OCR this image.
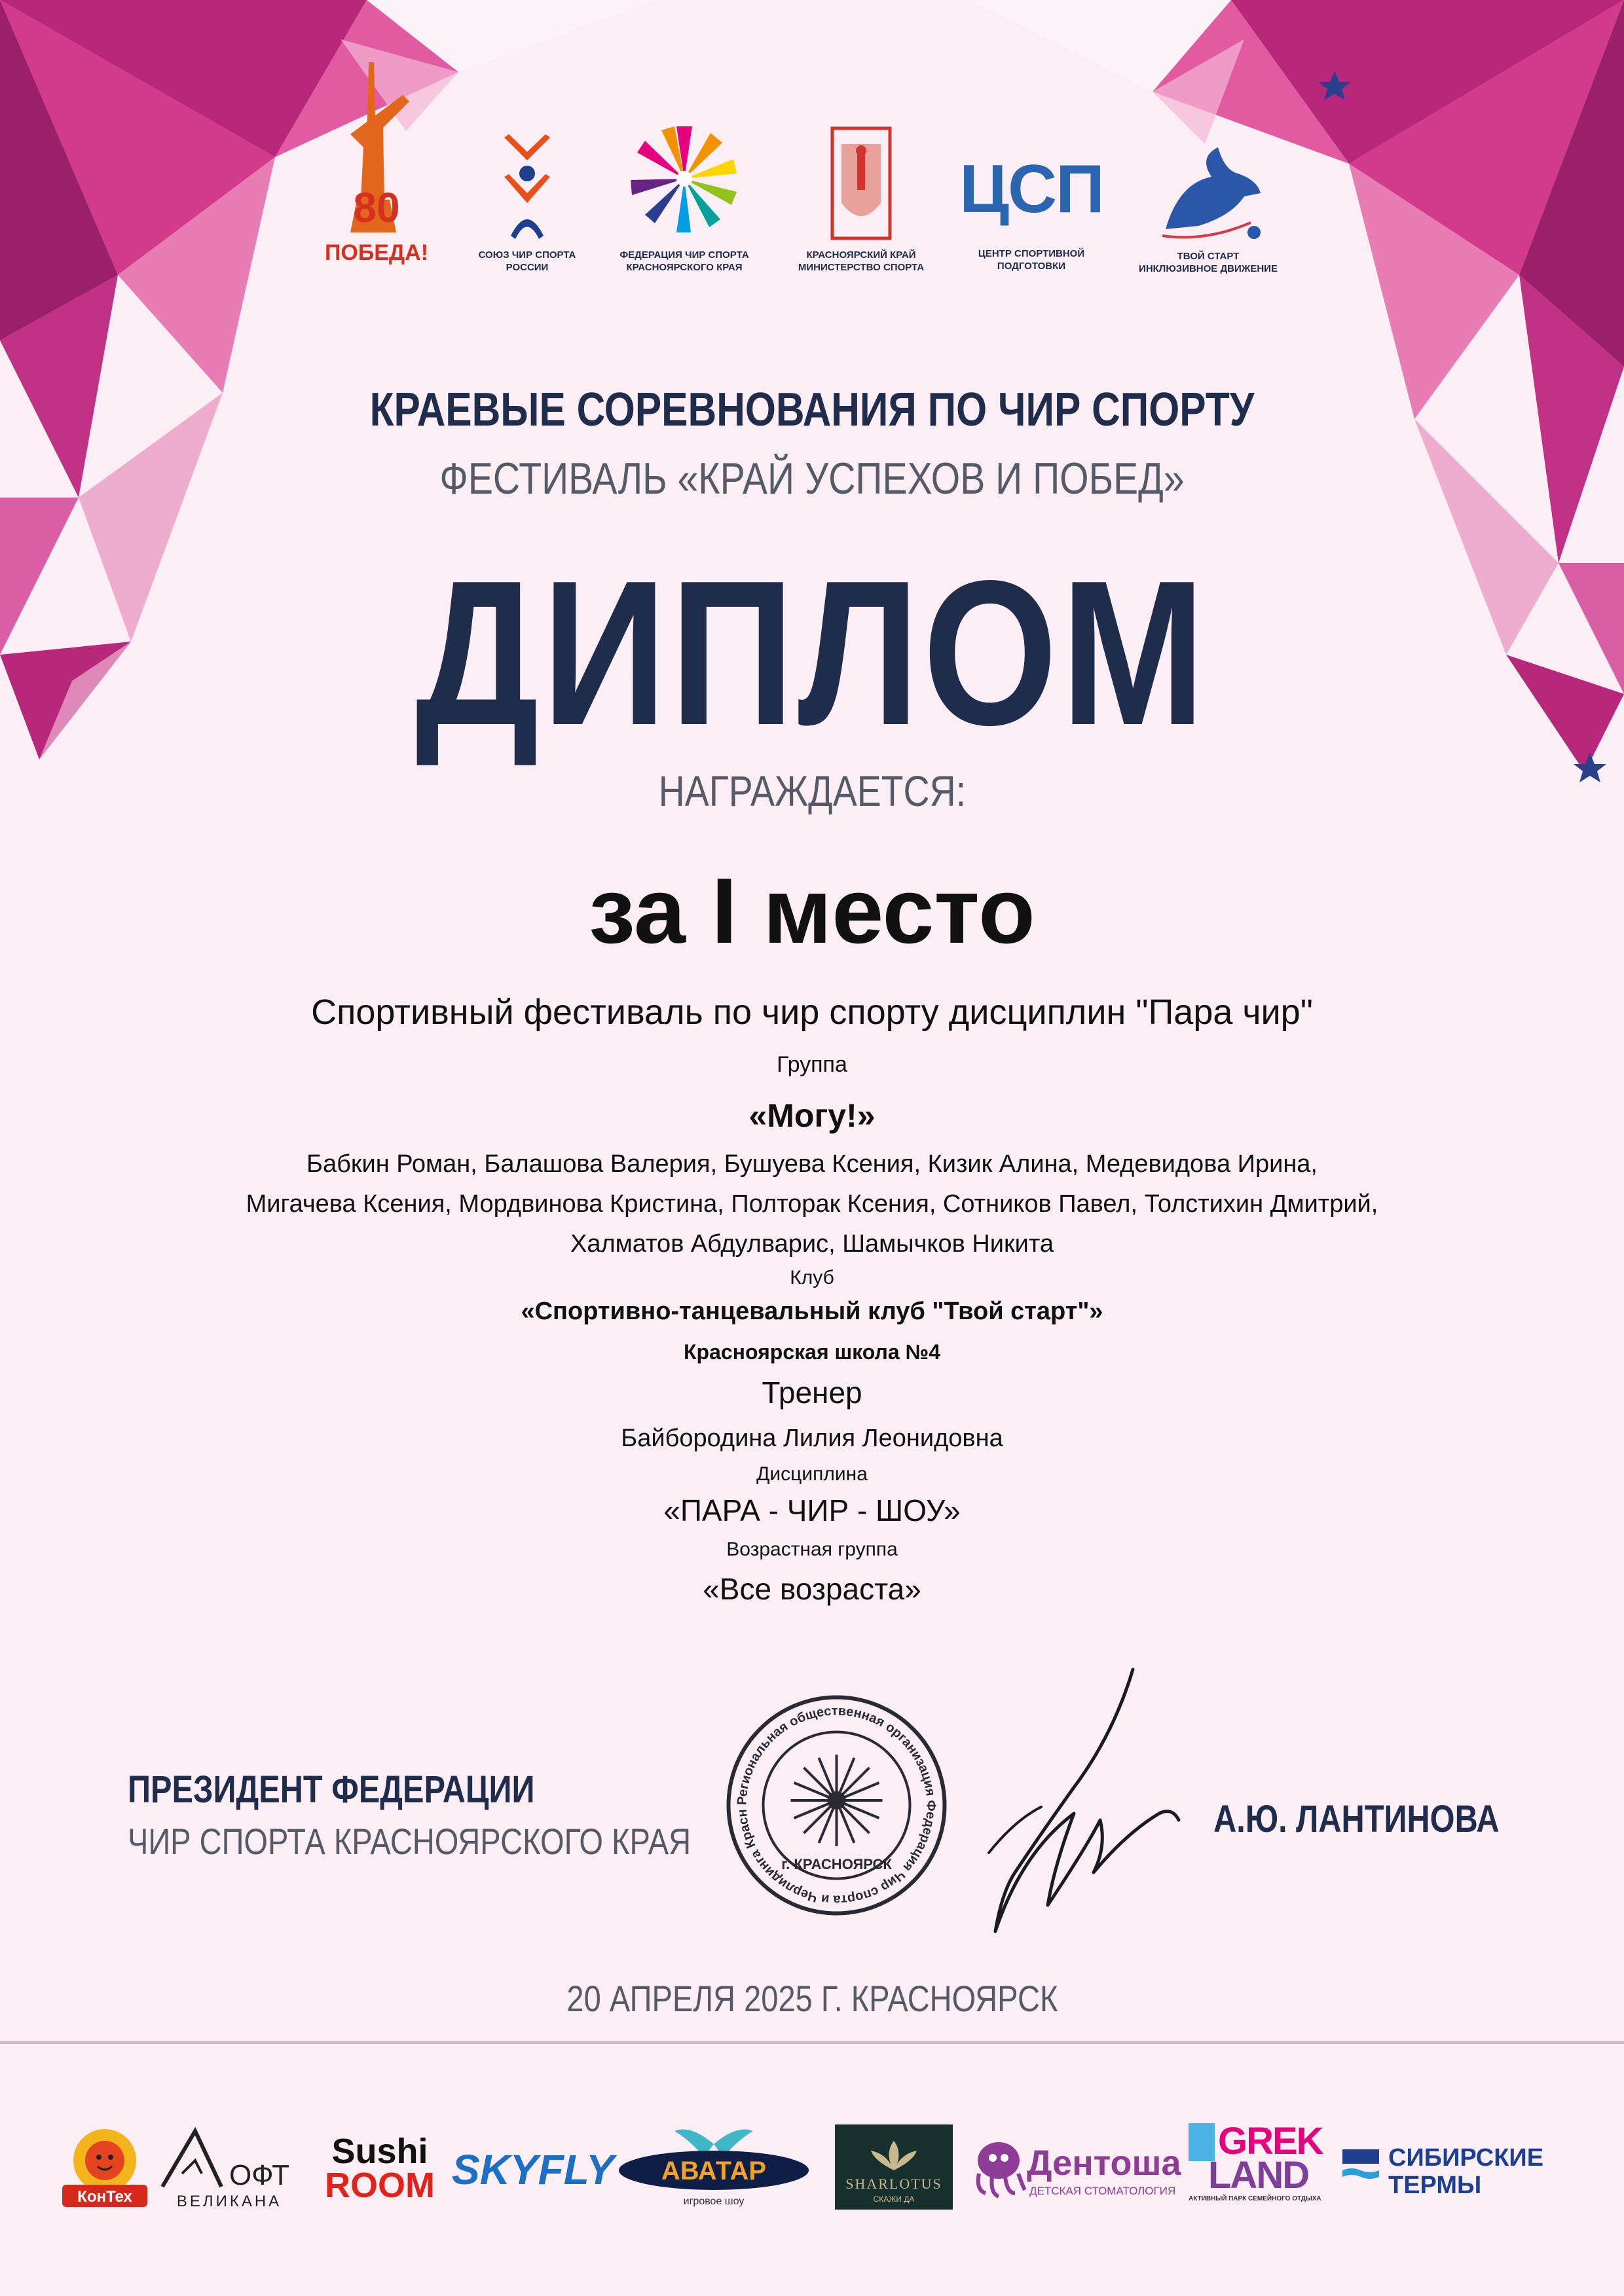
80
ПОБЕДА!	СОЮЗ ЧИР СПОРТА
РОССИИ
ФЕДЕРАЦИЯ ЧИР СПОРТА
КРАСНОЯРСКОГО КРАЯ
КРАСНОЯРСКИЙ КРАЙ
МИНИСТЕРСТВО СПОРТА
ЦСП
ЦЕНТР СПОРТИВНОЙ
ПОДГОТОВКИ
ТВОЙ СТАРТ
ИНКЛЮЗИВНОЕ ДВИЖЕНИЕ
КРАЕВЫЕ СОРЕВНОВАНИЯ ПО ЧИР СПОРТУ
ФЕСТИВАЛЬ «КРАЙ УСПЕХОВ И ПОБЕД»
ДИПЛОМ
НАГРАЖДАЕТСЯ:
за I место
Спортивный фестиваль по чир спорту дисциплин "Пара чир"
Группа
«Могу!»
Бабкин Роман, Балашова Валерия, Бушуева Ксения, Кизик Алина, Медевидова Ирина,
Мигачева Ксения, Мордвинова Кристина, Полторак Ксения, Сотников Павел, Толстихин Дмитрий,
Халматов Абдулварис, Шамычков Никита
Клуб
«Спортивно-танцевальный клуб "Твой старт"»
Красноярская школа №4
Тренер
Байбородина Лилия Леонидовна
Дисциплина
«ПАРА - ЧИР - ШОУ»
Возрастная группа
«Все возраста»
ПРЕЗИДЕНТ ФЕДЕРАЦИИ
ЧИР СПОРТА КРАСНОЯРСКОГО КРАЯ
Региональная общественная организация Федерация Чир спорта и Черлидинга Красн
г. КРАСНОЯРСК
А.Ю. ЛАНТИНОВА
20 АПРЕЛЯ 2025 Г. КРАСНОЯРСК
КонТех
ОФТ
ВЕЛИКАНА
Sushi
ROOM SKYFLY АВАТАР
игровое шоу
SHARLOTUS
СКАЖИ ДА
Дентоша
ДЕТСКАЯ СТОМАТОЛОГИЯ
GREK
LAND
АКТИВНЫЙ ПАРК СЕМЕЙНОГО ОТДЫХА
СИБИРСКИЕ
ТЕРМЫ
